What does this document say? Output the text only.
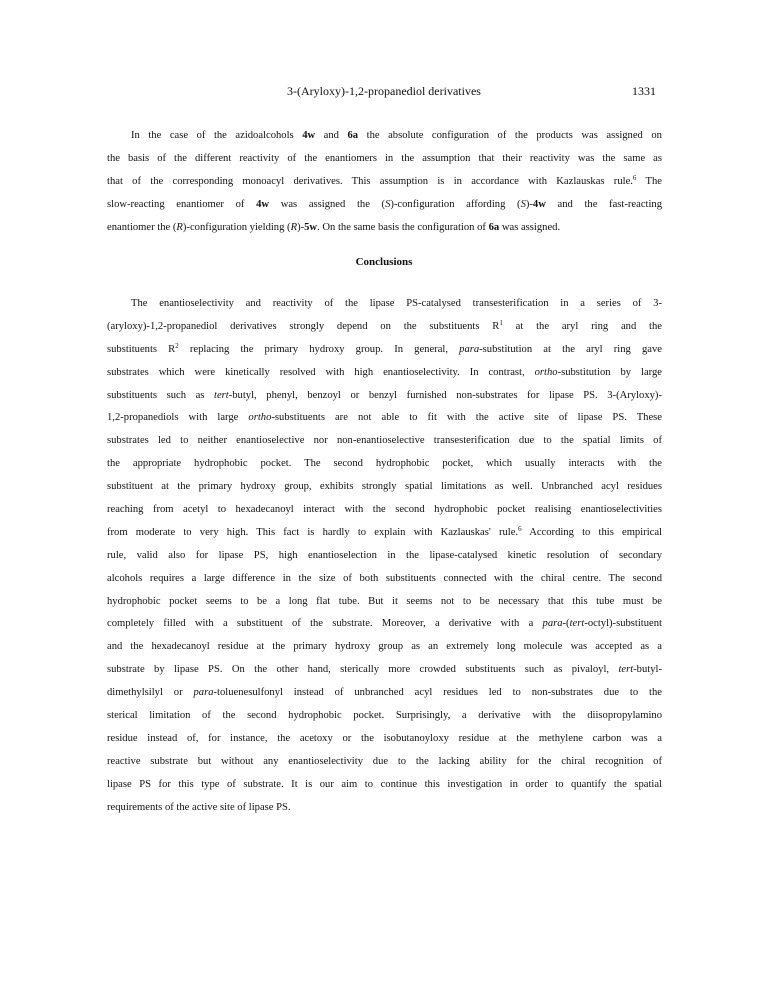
3-(Aryloxy)-1,2-propanediol derivatives	1331
In the case of the azidoalcohols 4w and 6a the absolute configuration of the products was assigned on
the basis of the different reactivity of the enantiomers in the assumption that their reactivity was the same as
that of the corresponding monoacyl derivatives. This assumption is in accordance with Kazlauskas rule.$^6$ The
slow-reacting enantiomer of 4w was assigned the (S)-configuration affording (S)-4w and the fast-reacting
enantiomer the (R)-configuration yielding (R)-5w. On the same basis the configuration of 6a was assigned.
Conclusions
The enantioselectivity and reactivity of the lipase PS-catalysed transesterification in a series of 3-
(aryloxy)-1,2-propanediol derivatives strongly depend on the substituents $R^1$ at the aryl ring and the
substituents $R^2$ replacing the primary hydroxy group. In general, para-substitution at the aryl ring gave
substrates which were kinetically resolved with high enantioselectivity. In contrast, ortho-substitution by large
substituents such as tert-butyl, phenyl, benzoyl or benzyl furnished non-substrates for lipase PS. 3-(Aryloxy)-
1,2-propanediols with large ortho-substituents are not able to fit with the active site of lipase PS. These
substrates led to neither enantioselective nor non-enantioselective transesterification due to the spatial limits of
the appropriate hydrophobic pocket. The second hydrophobic pocket, which usually interacts with the
substituent at the primary hydroxy group, exhibits strongly spatial limitations as well. Unbranched acyl residues
reaching from acetyl to hexadecanoyl interact with the second hydrophobic pocket realising enantioselectivities
from moderate to very high. This fact is hardly to explain with Kazlauskas' rule.$^6$ According to this empirical
rule, valid also for lipase PS, high enantioselection in the lipase-catalysed kinetic resolution of secondary
alcohols requires a large difference in the size of both substituents connected with the chiral centre. The second
hydrophobic pocket seems to be a long flat tube. But it seems not to be necessary that this tube must be
completely filled with a substituent of the substrate. Moreover, a derivative with a para-(tert-octyl)-substituent
and the hexadecanoyl residue at the primary hydroxy group as an extremely long molecule was accepted as a
substrate by lipase PS. On the other hand, sterically more crowded substituents such as pivaloyl, tert-butyl-
dimethylsilyl or para-toluenesulfonyl instead of unbranched acyl residues led to non-substrates due to the
sterical limitation of the second hydrophobic pocket. Surprisingly, a derivative with the diisopropylamino
residue instead of, for instance, the acetoxy or the isobutanoyloxy residue at the methylene carbon was a
reactive substrate but without any enantioselectivity due to the lacking ability for the chiral recognition of
lipase PS for this type of substrate. It is our aim to continue this investigation in order to quantify the spatial
requirements of the active site of lipase PS.
